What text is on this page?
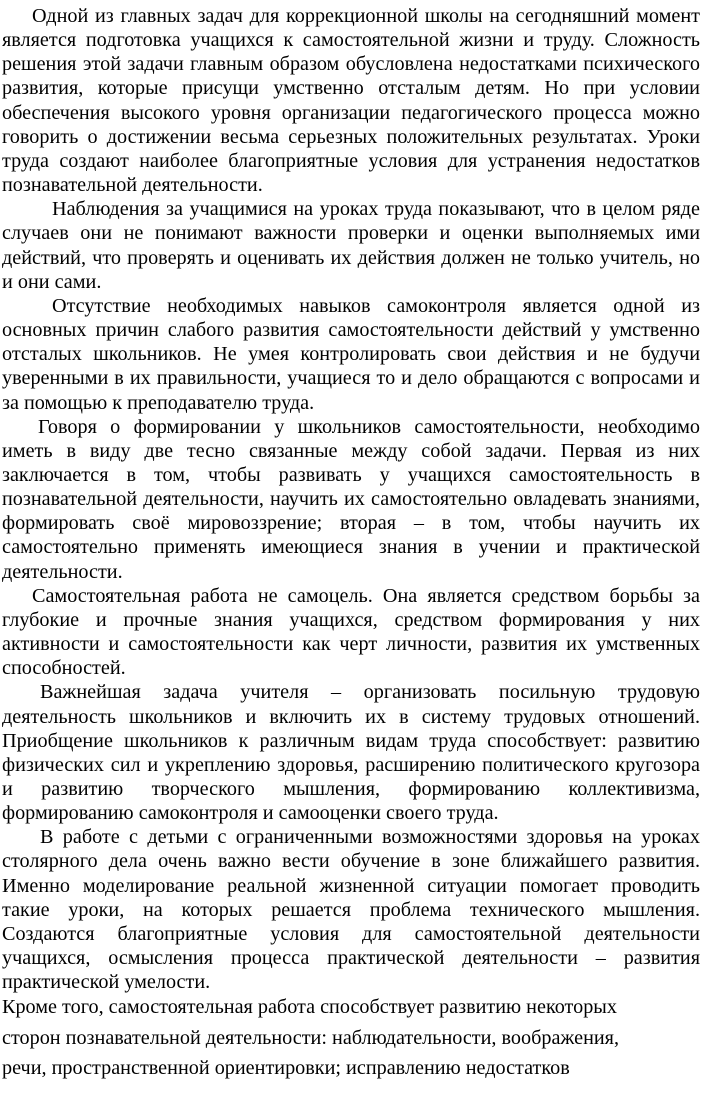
Одной из главных задач для коррекционной школы на сегодняшний момент является подготовка учащихся к самостоятельной жизни и труду. Сложность решения этой задачи главным образом обусловлена недостатками психического развития, которые присущи умственно отсталым детям. Но при условии обеспечения высокого уровня организации педагогического процесса можно говорить о достижении весьма серьезных положительных результатах. Уроки труда создают наиболее благоприятные условия для устранения недостатков познавательной деятельности.

Наблюдения за учащимися на уроках труда показывают, что в целом ряде случаев они не понимают важности проверки и оценки выполняемых ими действий, что проверять и оценивать их действия должен не только учитель, но и они сами.

Отсутствие необходимых навыков самоконтроля является одной из основных причин слабого развития самостоятельности действий у умственно отсталых школьников. Не умея контролировать свои действия и не будучи уверенными в их правильности, учащиеся то и дело обращаются с вопросами и за помощью к преподавателю труда.

Говоря о формировании у школьников самостоятельности, необходимо иметь в виду две тесно связанные между собой задачи. Первая из них заключается в том, чтобы развивать у учащихся самостоятельность в познавательной деятельности, научить их самостоятельно овладевать знаниями, формировать своё мировоззрение; вторая – в том, чтобы научить их самостоятельно применять имеющиеся знания в учении и практической деятельности.

Самостоятельная работа не самоцель. Она является средством борьбы за глубокие и прочные знания учащихся, средством формирования у них активности и самостоятельности как черт личности, развития их умственных способностей.

Важнейшая задача учителя – организовать посильную трудовую деятельность школьников и включить их в систему трудовых отношений. Приобщение школьников к различным видам труда способствует: развитию физических сил и укреплению здоровья, расширению политического кругозора и развитию творческого мышления, формированию коллективизма, формированию самоконтроля и самооценки своего труда.

В работе с детьми с ограниченными возможностями здоровья на уроках столярного дела очень важно вести обучение в зоне ближайшего развития. Именно моделирование реальной жизненной ситуации помогает проводить такие уроки, на которых решается проблема технического мышления. Создаются благоприятные условия для самостоятельной деятельности учащихся, осмысления процесса практической деятельности – развития практической умелости.

Кроме того, самостоятельная работа способствует развитию некоторых

сторон познавательной деятельности: наблюдательности, воображения,

речи, пространственной ориентировки; исправлению недостатков
